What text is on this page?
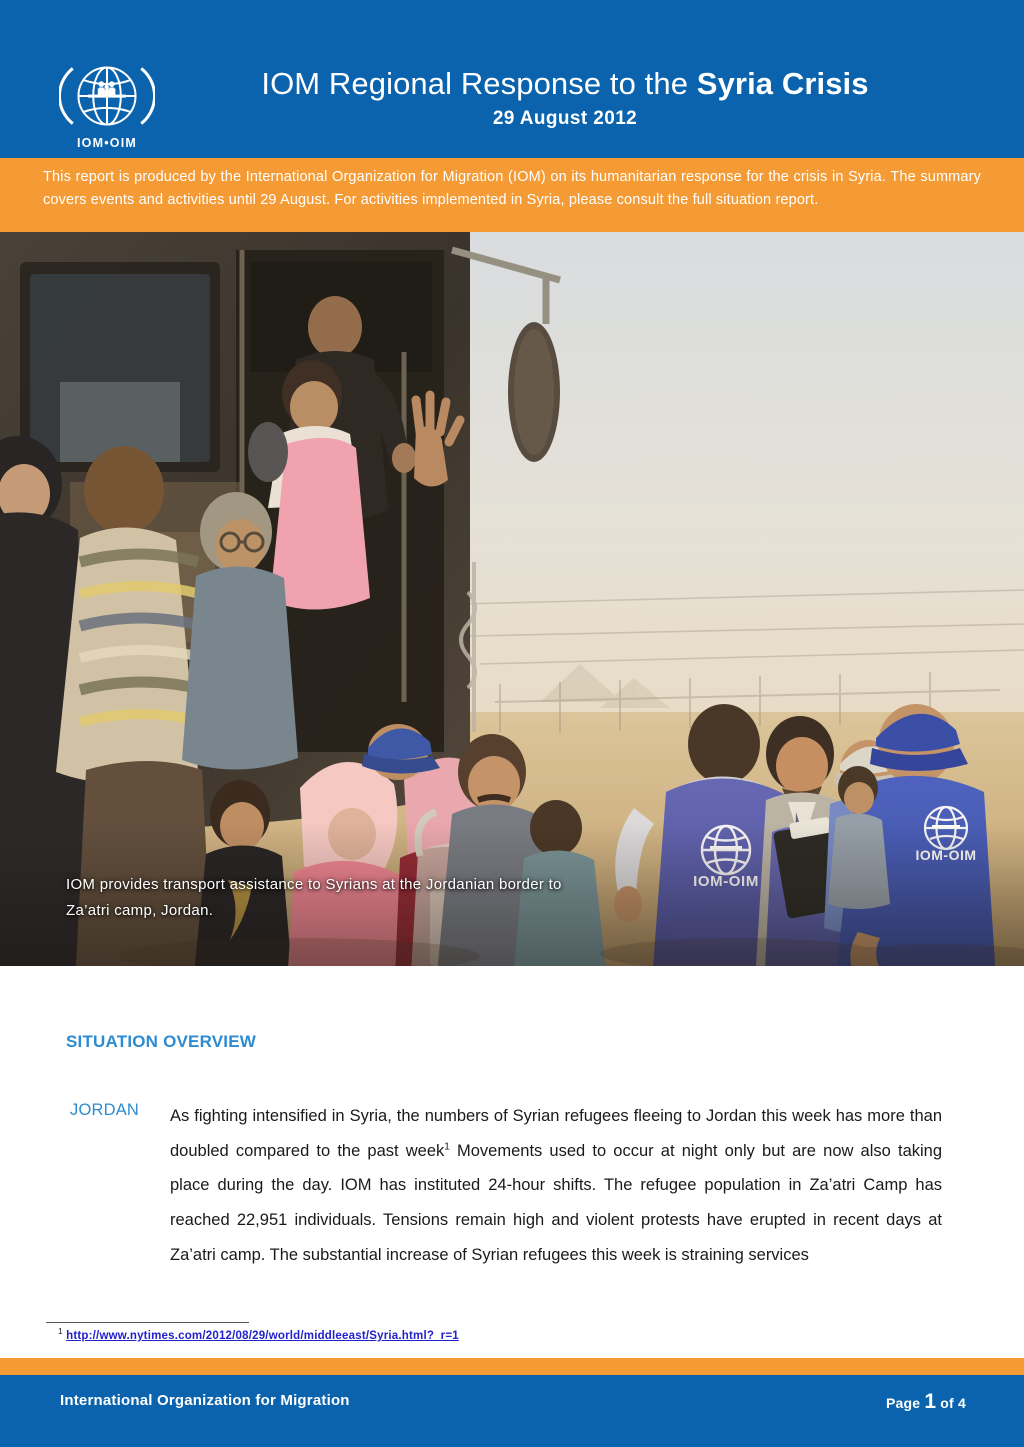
IOM•OIM
IOM Regional Response to the Syria Crisis
29 August 2012
This report is produced by the International Organization for Migration (IOM) on its humanitarian response for the crisis in Syria. The summary covers events and activities until 29 August. For activities implemented in Syria, please consult the full situation report.
IOM provides transport assistance to Syrians at the Jordanian border to Za’atri camp, Jordan.
SITUATION OVERVIEW
JORDAN As fighting intensified in Syria, the numbers of Syrian refugees fleeing to Jordan this week has more than doubled compared to the past week$^1$ Movements used to occur at night only but are now also taking place during the day. IOM has instituted 24-hour shifts. The refugee population in Za’atri Camp has reached 22,951 individuals. Tensions remain high and violent protests have erupted in recent days at Za’atri camp. The substantial increase of Syrian refugees this week is straining services
$^1$ http://www.nytimes.com/2012/08/29/world/middleeast/Syria.html?_r=1
International Organization for Migration	Page 1 of 4
